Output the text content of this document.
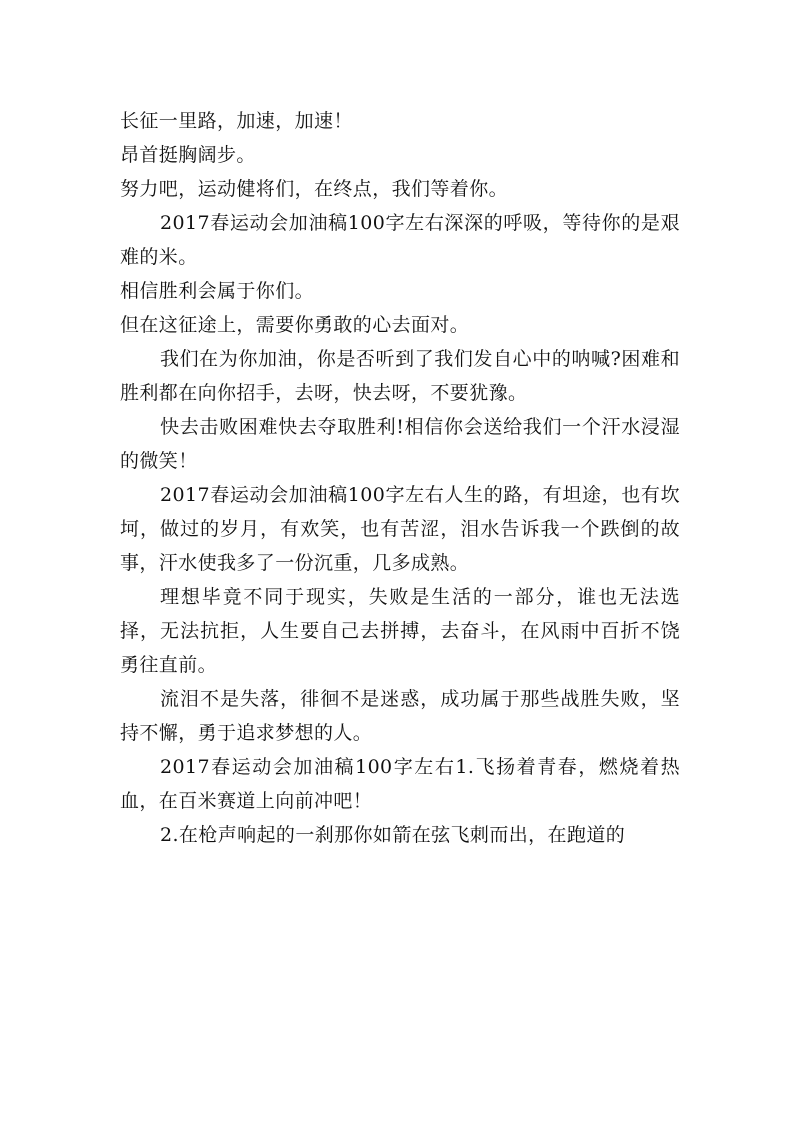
长征一里路，加速，加速！

昂首挺胸阔步。

努力吧，运动健将们，在终点，我们等着你。

2017春运动会加油稿100字左右深深的呼吸，等待你的是艰难的米。

相信胜利会属于你们。

但在这征途上，需要你勇敢的心去面对。

我们在为你加油，你是否听到了我们发自心中的呐喊?困难和胜利都在向你招手，去呀，快去呀，不要犹豫。

快去击败困难快去夺取胜利!相信你会送给我们一个汗水浸湿的微笑！

2017春运动会加油稿100字左右人生的路，有坦途，也有坎坷，做过的岁月，有欢笑，也有苦涩，泪水告诉我一个跌倒的故事，汗水使我多了一份沉重，几多成熟。

理想毕竟不同于现实，失败是生活的一部分，谁也无法选择，无法抗拒，人生要自己去拼搏，去奋斗，在风雨中百折不饶勇往直前。

流泪不是失落，徘徊不是迷惑，成功属于那些战胜失败，坚持不懈，勇于追求梦想的人。

2017春运动会加油稿100字左右1.飞扬着青春，燃烧着热血，在百米赛道上向前冲吧！

2.在枪声响起的一刹那你如箭在弦飞刺而出，在跑道的
